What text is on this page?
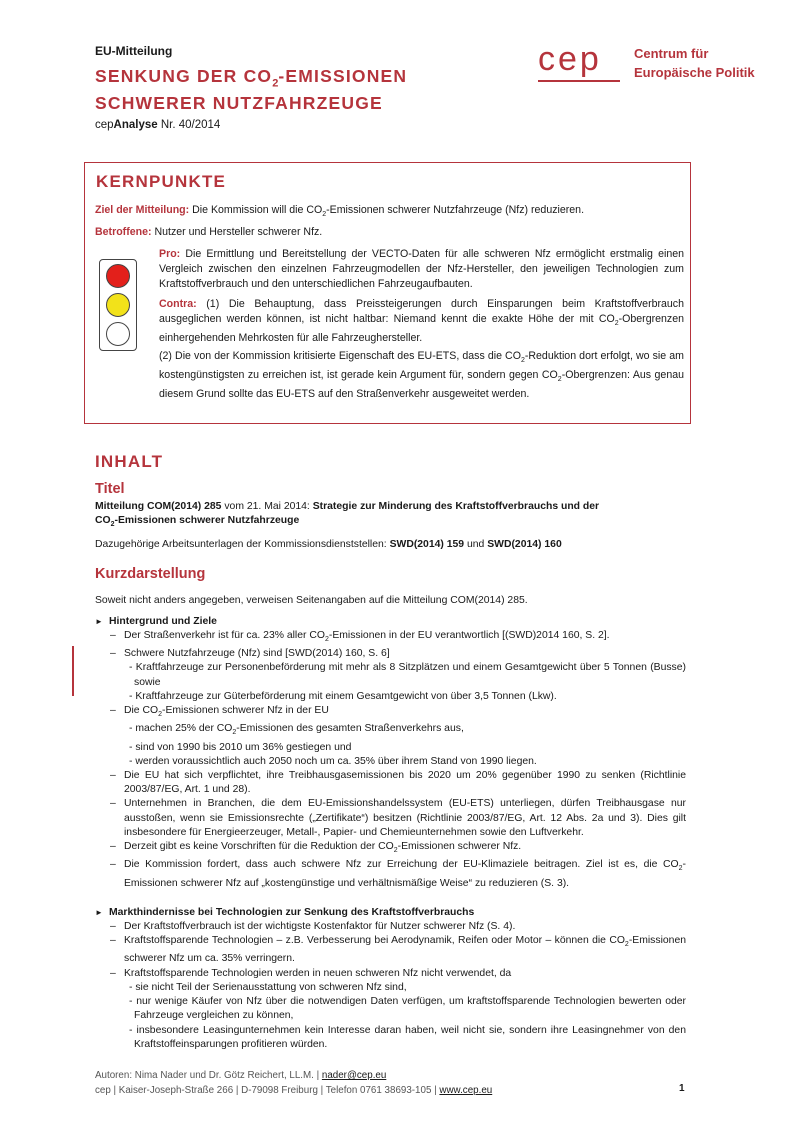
EU-Mitteilung
SENKUNG DER $CO_2$-EMISSIONEN
SCHWERER NUTZFAHRZEUGE
cepAnalyse Nr. 40/2014
cep Centrum für
Europäische Politik
KERNPUNKTE
Ziel der Mitteilung: Die Kommission will die $CO_2$-Emissionen schwerer Nutzfahrzeuge (Nfz) reduzieren.
Betroffene: Nutzer und Hersteller schwerer Nfz.
Pro: Die Ermittlung und Bereitstellung der VECTO-Daten für alle schweren Nfz ermöglicht erstmalig einen Vergleich zwischen den einzelnen Fahrzeugmodellen der Nfz-Hersteller, den jeweiligen Technologien zum Kraftstoffverbrauch und den unterschiedlichen Fahrzeugaufbauten.
Contra: (1) Die Behauptung, dass Preissteigerungen durch Einsparungen beim Kraftstoffverbrauch ausgeglichen werden können, ist nicht haltbar: Niemand kennt die exakte Höhe der mit $CO_2$-Obergrenzen einhergehenden Mehrkosten für alle Fahrzeughersteller.
(2) Die von der Kommission kritisierte Eigenschaft des EU-ETS, dass die $CO_2$-Reduktion dort erfolgt, wo sie am kostengünstigsten zu erreichen ist, ist gerade kein Argument für, sondern gegen $CO_2$-Obergrenzen: Aus genau diesem Grund sollte das EU-ETS auf den Straßenverkehr ausgeweitet werden.
INHALT
Titel
Mitteilung COM(2014) 285 vom 21. Mai 2014: Strategie zur Minderung des Kraftstoffverbrauchs und der
$CO_2$-Emissionen schwerer Nutzfahrzeuge
Dazugehörige Arbeitsunterlagen der Kommissionsdienststellen: SWD(2014) 159 und SWD(2014) 160
Kurzdarstellung
Soweit nicht anders angegeben, verweisen Seitenangaben auf die Mitteilung COM(2014) 285.
► Hintergrund und Ziele
– Der Straßenverkehr ist für ca. 23% aller $CO_2$-Emissionen in der EU verantwortlich [(SWD)2014 160, S. 2].
– Schwere Nutzfahrzeuge (Nfz) sind [SWD(2014) 160, S. 6]
- Kraftfahrzeuge zur Personenbeförderung mit mehr als 8 Sitzplätzen und einem Gesamtgewicht über 5 Tonnen (Busse) sowie
- Kraftfahrzeuge zur Güterbeförderung mit einem Gesamtgewicht von über 3,5 Tonnen (Lkw).
– Die $CO_2$-Emissionen schwerer Nfz in der EU
- machen 25% der $CO_2$-Emissionen des gesamten Straßenverkehrs aus,
- sind von 1990 bis 2010 um 36% gestiegen und
- werden voraussichtlich auch 2050 noch um ca. 35% über ihrem Stand von 1990 liegen.
– Die EU hat sich verpflichtet, ihre Treibhausgasemissionen bis 2020 um 20% gegenüber 1990 zu senken (Richtlinie 2003/87/EG, Art. 1 und 28).
– Unternehmen in Branchen, die dem EU-Emissionshandelssystem (EU-ETS) unterliegen, dürfen Treibhausgase nur ausstoßen, wenn sie Emissionsrechte („Zertifikate“) besitzen (Richtlinie 2003/87/EG, Art. 12 Abs. 2a und 3). Dies gilt insbesondere für Energieerzeuger, Metall-, Papier- und Chemieunternehmen sowie den Luftverkehr.
– Derzeit gibt es keine Vorschriften für die Reduktion der $CO_2$-Emissionen schwerer Nfz.
– Die Kommission fordert, dass auch schwere Nfz zur Erreichung der EU-Klimaziele beitragen. Ziel ist es, die $CO_2$-Emissionen schwerer Nfz auf „kostengünstige und verhältnismäßige Weise“ zu reduzieren (S. 3).
► Markthindernisse bei Technologien zur Senkung des Kraftstoffverbrauchs
– Der Kraftstoffverbrauch ist der wichtigste Kostenfaktor für Nutzer schwerer Nfz (S. 4).
– Kraftstoffsparende Technologien – z.B. Verbesserung bei Aerodynamik, Reifen oder Motor – können die $CO_2$-Emissionen schwerer Nfz um ca. 35% verringern.
– Kraftstoffsparende Technologien werden in neuen schweren Nfz nicht verwendet, da
- sie nicht Teil der Serienausstattung von schweren Nfz sind,
- nur wenige Käufer von Nfz über die notwendigen Daten verfügen, um kraftstoffsparende Technologien bewerten oder Fahrzeuge vergleichen zu können,
- insbesondere Leasingunternehmen kein Interesse daran haben, weil nicht sie, sondern ihre Leasingnehmer von den Kraftstoffeinsparungen profitieren würden.
Autoren: Nima Nader und Dr. Götz Reichert, LL.M. | nader@cep.eu
cep | Kaiser-Joseph-Straße 266 | D-79098 Freiburg | Telefon 0761 38693-105 | www.cep.eu	1
